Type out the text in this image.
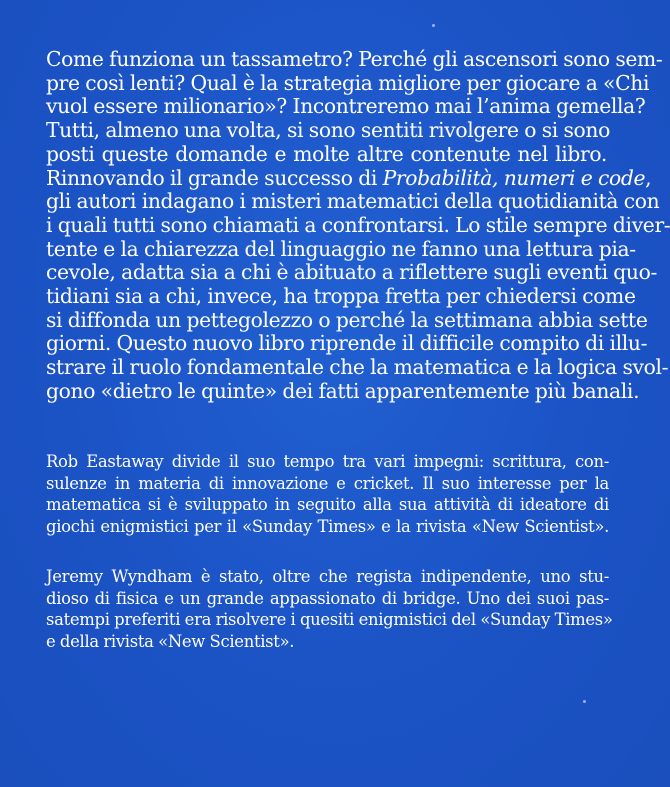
Come funziona un tassametro? Perché gli ascensori sono sem-
pre così lenti? Qual è la strategia migliore per giocare a «Chi
vuol essere milionario»? Incontreremo mai l’anima gemella?
Tutti, almeno una volta, si sono sentiti rivolgere o si sono
posti queste domande e molte altre contenute nel libro.
Rinnovando il grande successo di Probabilità, numeri e code,
gli autori indagano i misteri matematici della quotidianità con
i quali tutti sono chiamati a confrontarsi. Lo stile sempre diver-
tente e la chiarezza del linguaggio ne fanno una lettura pia-
cevole, adatta sia a chi è abituato a riflettere sugli eventi quo-
tidiani sia a chi, invece, ha troppa fretta per chiedersi come
si diffonda un pettegolezzo o perché la settimana abbia sette
giorni. Questo nuovo libro riprende il difficile compito di illu-
strare il ruolo fondamentale che la matematica e la logica svol-
gono «dietro le quinte» dei fatti apparentemente più banali.

Rob Eastaway divide il suo tempo tra vari impegni: scrittura, con-
sulenze in materia di innovazione e cricket. Il suo interesse per la
matematica si è sviluppato in seguito alla sua attività di ideatore di
giochi enigmistici per il «Sunday Times» e la rivista «New Scientist».

Jeremy Wyndham è stato, oltre che regista indipendente, uno stu-
dioso di fisica e un grande appassionato di bridge. Uno dei suoi pas-
satempi preferiti era risolvere i quesiti enigmistici del «Sunday Times»
e della rivista «New Scientist».
